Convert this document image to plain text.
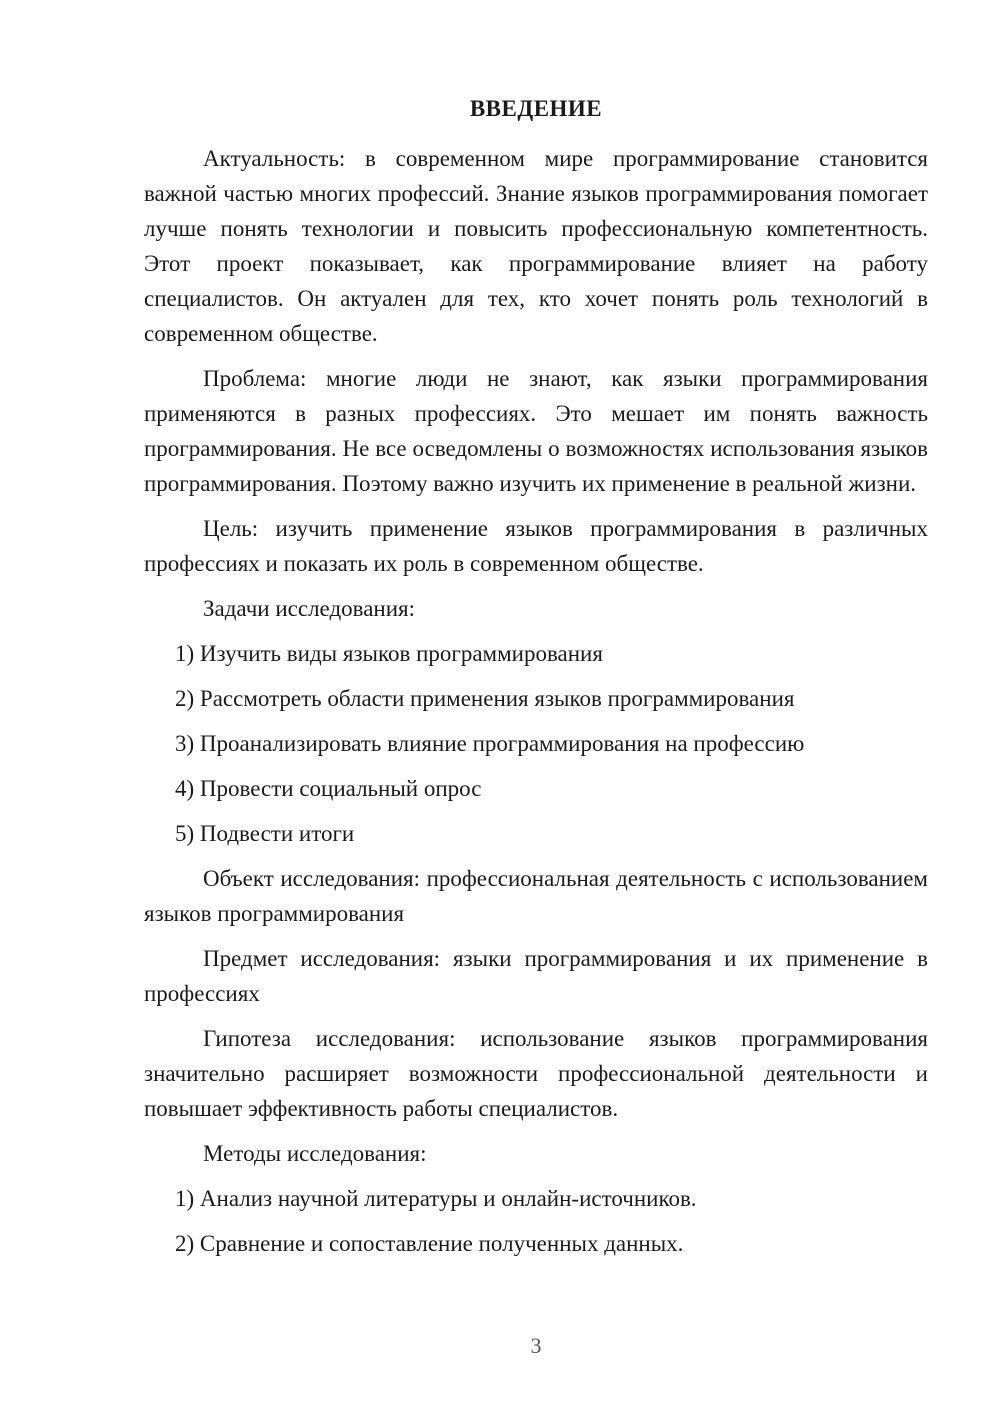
ВВЕДЕНИЕ

Актуальность: в современном мире программирование становится важной частью многих профессий. Знание языков программирования помогает лучше понять технологии и повысить профессиональную компетентность. Этот проект показывает, как программирование влияет на работу специалистов. Он актуален для тех, кто хочет понять роль технологий в современном обществе.

Проблема: многие люди не знают, как языки программирования применяются в разных профессиях. Это мешает им понять важность программирования. Не все осведомлены о возможностях использования языков программирования. Поэтому важно изучить их применение в реальной жизни.

Цель: изучить применение языков программирования в различных профессиях и показать их роль в современном обществе.

Задачи исследования:

1) Изучить виды языков программирования
2) Рассмотреть области применения языков программирования
3) Проанализировать влияние программирования на профессию
4) Провести социальный опрос
5) Подвести итоги

Объект исследования: профессиональная деятельность с использованием языков программирования

Предмет исследования: языки программирования и их применение в профессиях

Гипотеза исследования: использование языков программирования значительно расширяет возможности профессиональной деятельности и повышает эффективность работы специалистов.

Методы исследования:

1) Анализ научной литературы и онлайн-источников.
2) Сравнение и сопоставление полученных данных.
3
